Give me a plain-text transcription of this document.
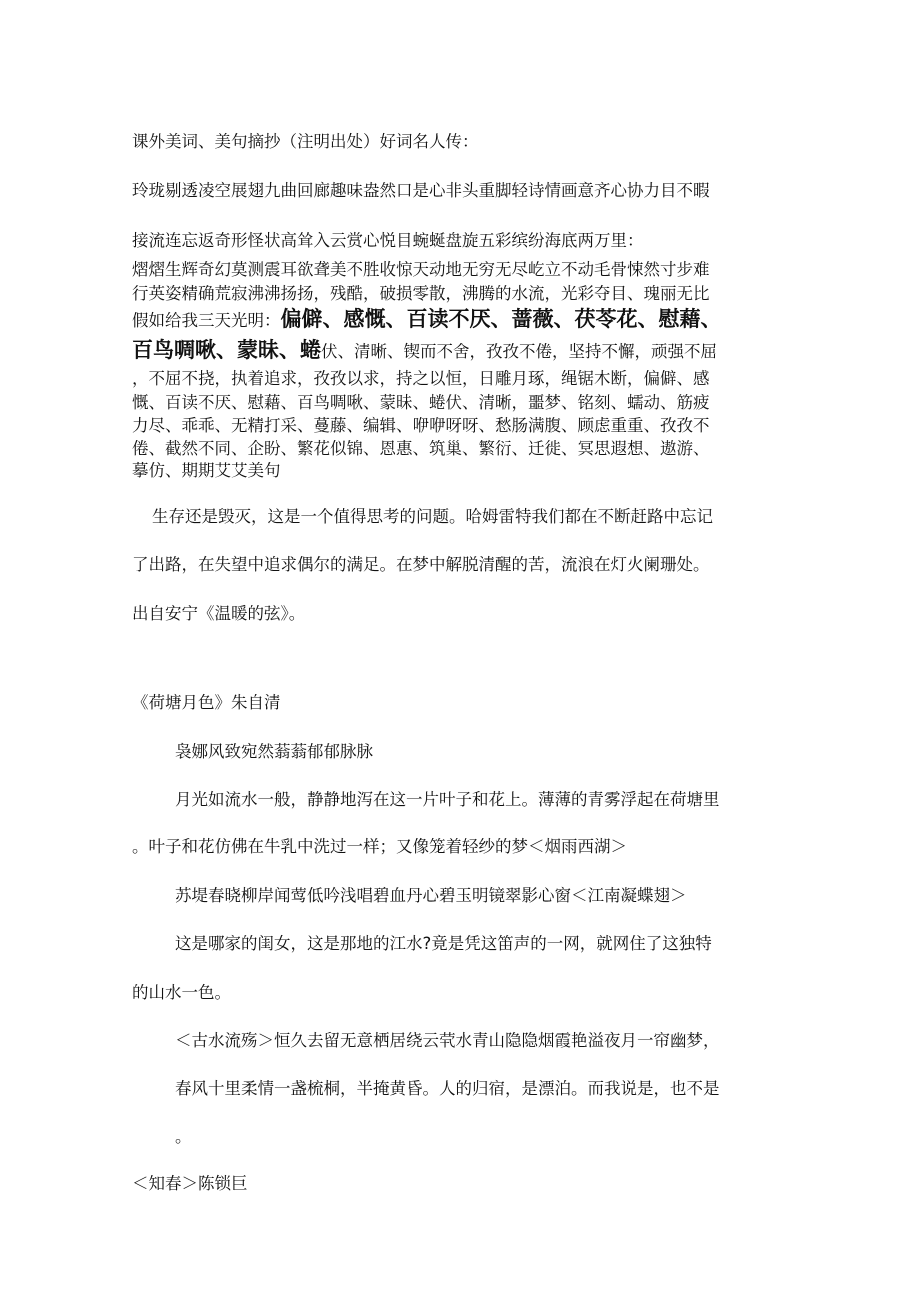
课外美词、美句摘抄（注明出处）好词名人传：
玲珑剔透凌空展翅九曲回廊趣味盎然口是心非头重脚轻诗情画意齐心协力目不暇
接流连忘返奇形怪状高耸入云赏心悦目蜿蜒盘旋五彩缤纷海底两万里：
熠熠生辉奇幻莫测震耳欲聋美不胜收惊天动地无穷无尽屹立不动毛骨悚然寸步难
行英姿精确荒寂沸沸扬扬，残酷，破损零散，沸腾的水流，光彩夺目、瑰丽无比
假如给我三天光明：偏僻、感慨、百读不厌、蔷薇、茯苓花、慰藉、
百鸟啁啾、蒙昧、蜷伏、清晰、锲而不舍，孜孜不倦，坚持不懈，顽强不屈
，不屈不挠，执着追求，孜孜以求，持之以恒，日雕月琢，绳锯木断，偏僻、感
慨、百读不厌、慰藉、百鸟啁啾、蒙昧、蜷伏、清晰，噩梦、铭刻、蠕动、筋疲
力尽、乖乖、无精打采、蔓藤、编辑、咿咿呀呀、愁肠满腹、顾虑重重、孜孜不
倦、截然不同、企盼、繁花似锦、恩惠、筑巢、繁衍、迁徙、冥思遐想、遨游、
摹仿、期期艾艾美句
生存还是毁灭，这是一个值得思考的问题。哈姆雷特我们都在不断赶路中忘记
了出路，在失望中追求偶尔的满足。在梦中解脱清醒的苦，流浪在灯火阑珊处。
出自安宁《温暖的弦》。
《荷塘月色》朱自清
袅娜风致宛然蓊蓊郁郁脉脉
月光如流水一般，静静地泻在这一片叶子和花上。薄薄的青雾浮起在荷塘里
。叶子和花仿佛在牛乳中洗过一样；又像笼着轻纱的梦＜烟雨西湖＞
苏堤春晓柳岸闻莺低吟浅唱碧血丹心碧玉明镜翠影心窗＜江南凝蝶翅＞
这是哪家的闺女，这是那地的江水?竟是凭这笛声的一网，就网住了这独特
的山水一色。
＜古水流殇＞恒久去留无意栖居绕云茕水青山隐隐烟霞艳溢夜月一帘幽梦，
春风十里柔情一盏梳桐，半掩黄昏。人的归宿，是漂泊。而我说是，也不是
。
＜知春＞陈锁巨
